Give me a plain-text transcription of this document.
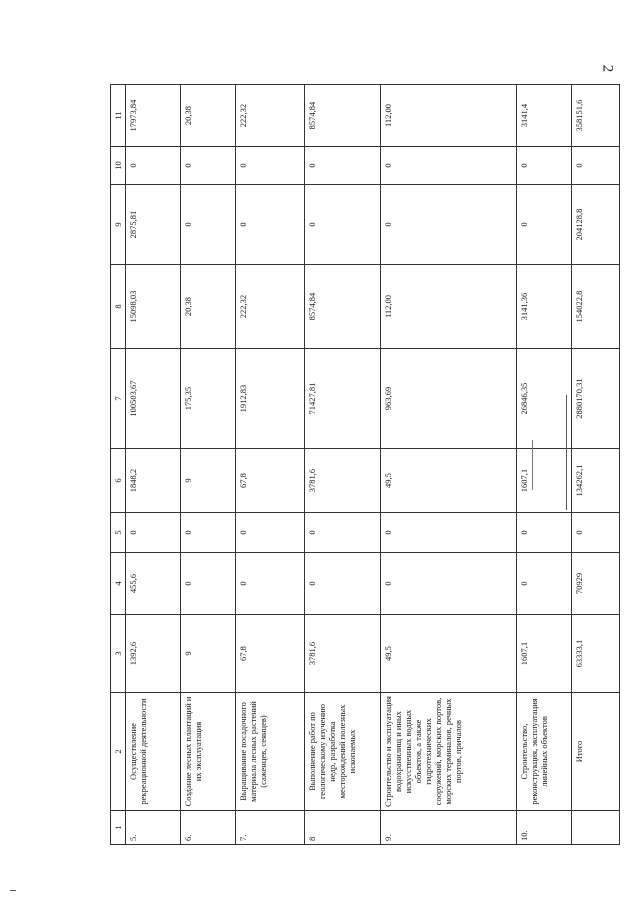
2
1	2	3	4	5	6	7	8	9	10	11
5.	Осуществление рекреационной деятельности	1392,6	455,6	0	1848,2	100503,67	15098,03	2875,81	0	17973,84
6.	Создание лесных плантаций и их эксплуатация	9	0	0	9	175,35	20,38	0	0	20,38
7.	Выращивание посадочного материала лесных растений (саженцев, сеянцев)	67,8	0	0	67,8	1912,83	222,32	0	0	222,32
8	Выполнение работ по геологическому изучению недр, разработка месторождений полезных ископаемых	3781,6	0	0	3781,6	71427,81	8574,84	0	0	8574,84
9.	Строительство и эксплуатация водохранилищ и иных искусственных водных объектов, а также гидротехнических сооружений, морских портов, морских терминалов, речных портов, причалов	49,5	0	0	49,5	963,69	112,00	0	0	112,00
10.	Строительство, реконструкция, эксплуатация линейных объектов	1607,1	0	0	1607,1	26846,35	3141,36	0	0	3141,4
	Итого	63333,1	70929	0	134262,1	2880170,31	154022,8	204128,8	0	358151,6
